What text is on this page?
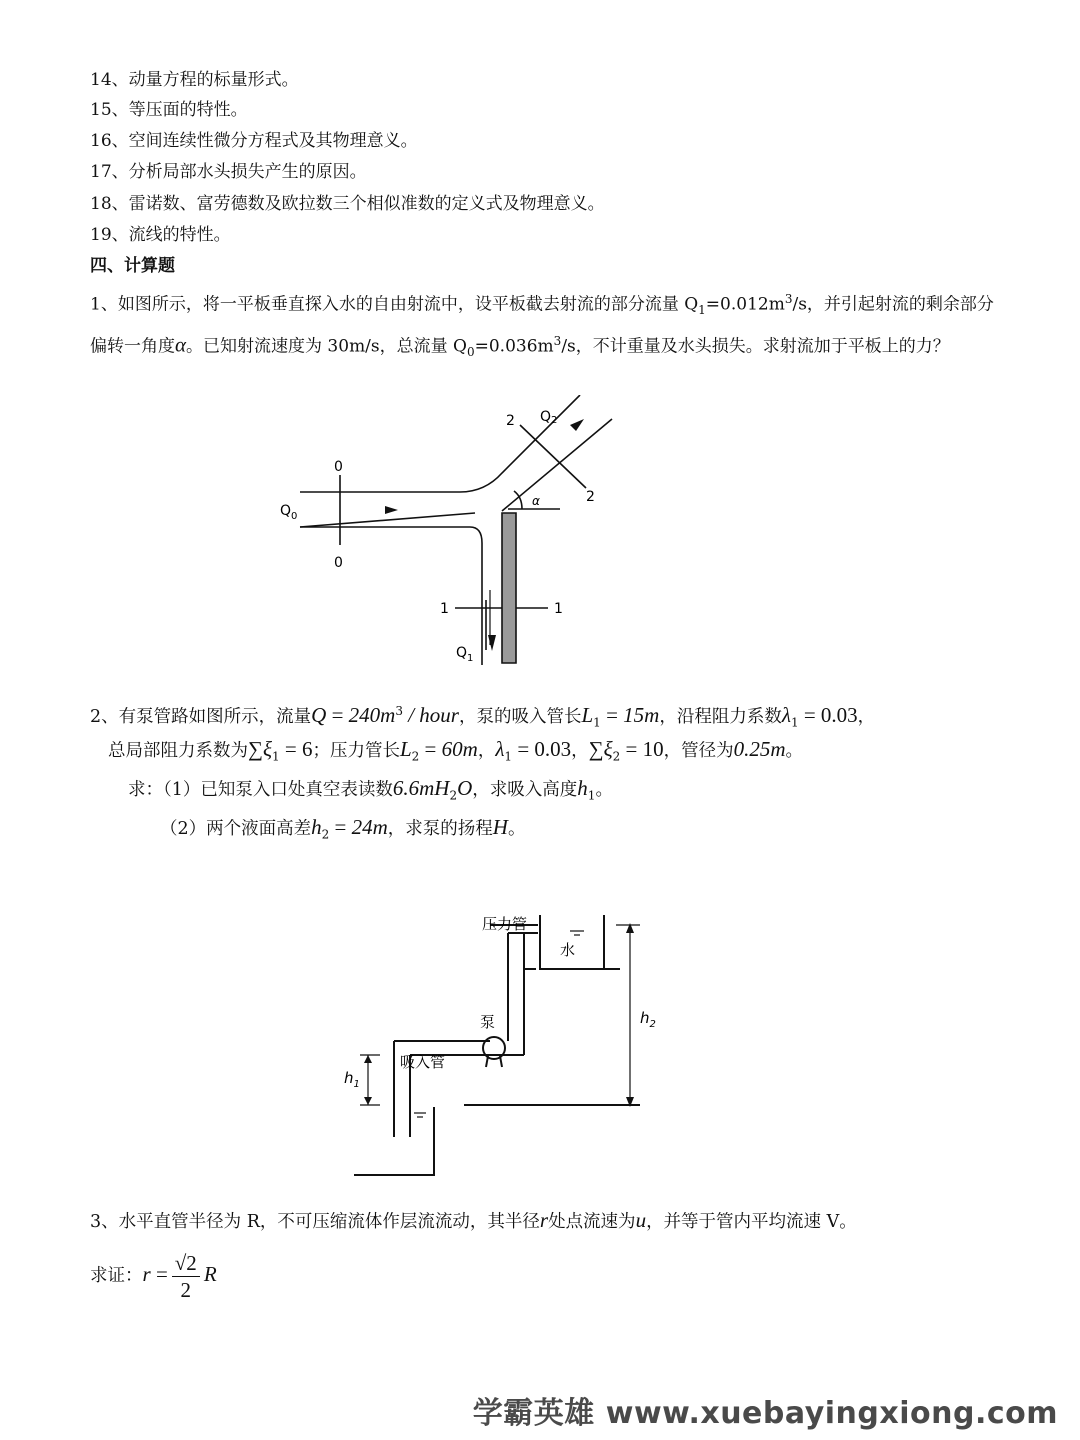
14、动量方程的标量形式。
15、等压面的特性。
16、空间连续性微分方程式及其物理意义。
17、分析局部水头损失产生的原因。
18、雷诺数、富劳德数及欧拉数三个相似准数的定义式及物理意义。
19、流线的特性。
四、计算题
1、如图所示，将一平板垂直探入水的自由射流中，设平板截去射流的部分流量 $Q_1=0.012m^3/s$，并引起射流的剩余部分偏转一角度α。已知射流速度为 30m/s，总流量 $Q_0=0.036m^3/s$，不计重量及水头损失。求射流加于平板上的力？
0
0
$Q_0$
1	1
$Q_1$
2
2
Q2
α
2、有泵管路如图所示，流量$Q = 240m^3$ / hour，泵的吸入管长$L_1 = 15m$，沿程阻力系数$\lambda_1 = 0.03$，
总局部阻力系数为$\sum\xi_1 = 6$；压力管长$L_2 = 60m$，$\lambda_1 = 0.03$，$\sum\xi_2 = 10$，管径为0.25m。
求：（1）已知泵入口处真空表读数$6.6mH_2O$，求吸入高度$h_1$。
（2）两个液面高差$h_2 = 24m$，求泵的扬程H。
压力管
水
泵
吸入管
$h_2$
$h_1$
3、水平直管半径为 R，不可压缩流体作层流流动，其半径r处点流速为u，并等于管内平均流速 V。
求证：$r = \frac{√2}{2}$ R
学霸英雄 www.xuebayingxiong.com
